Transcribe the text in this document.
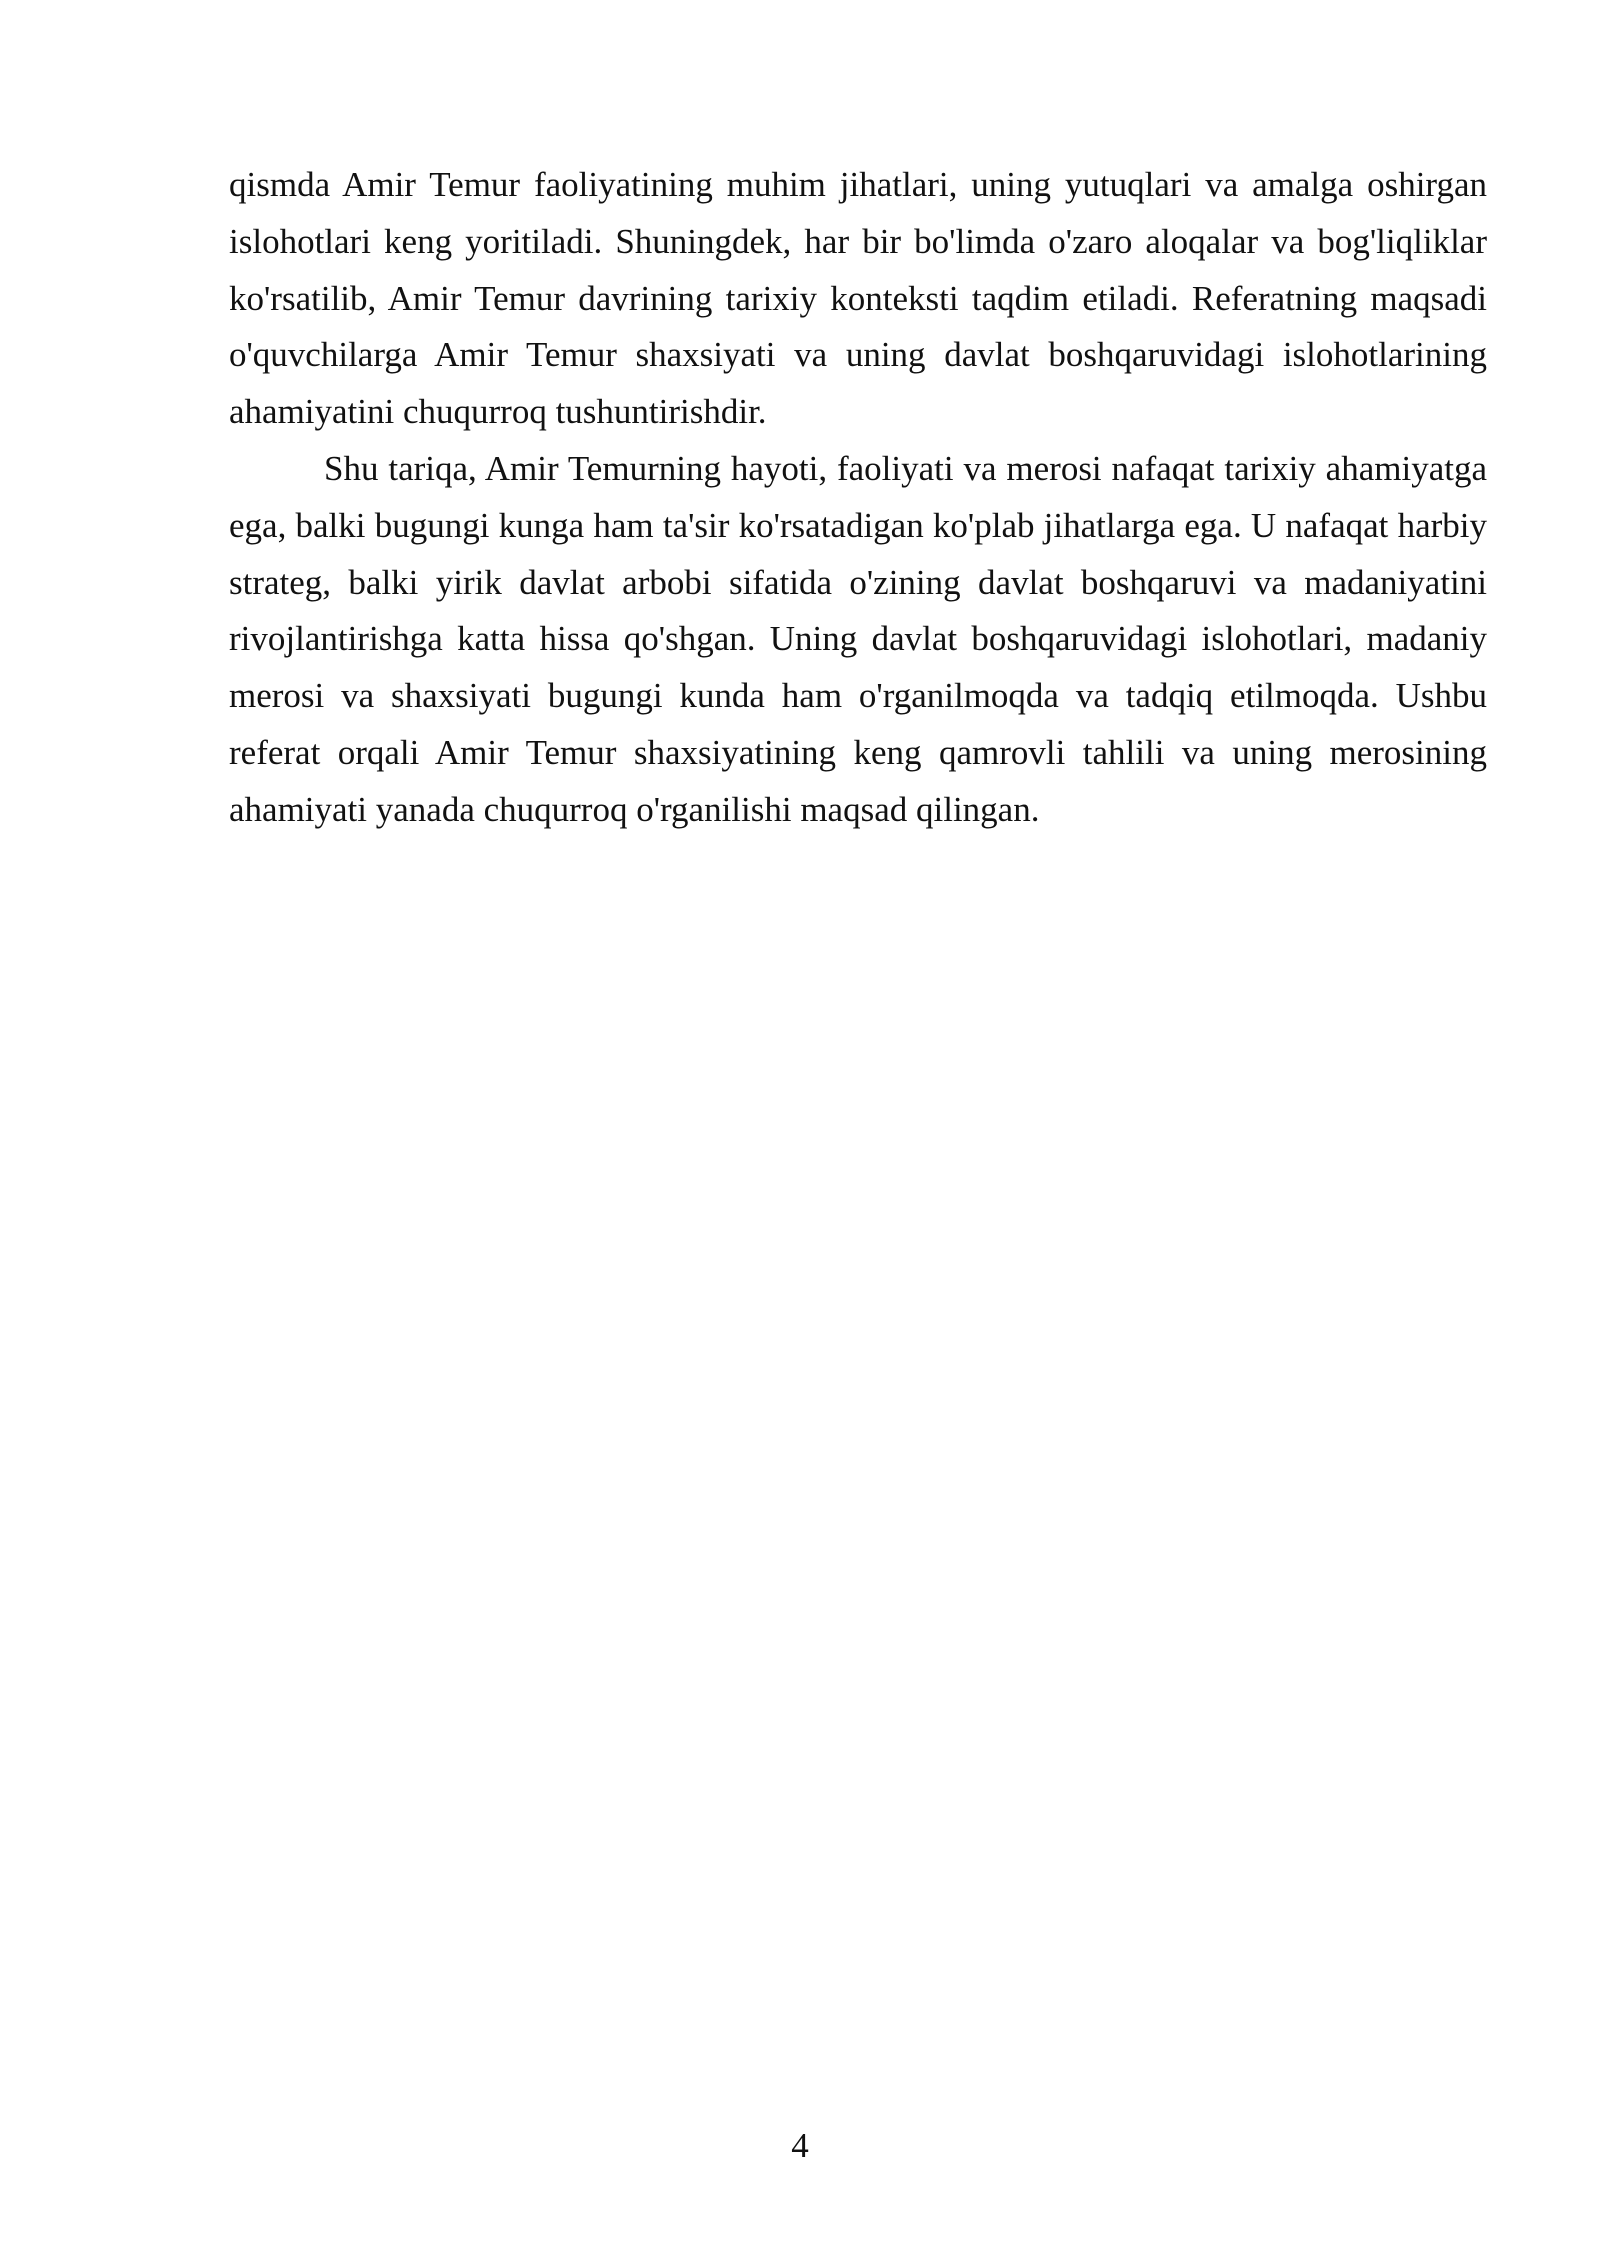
qismda Amir Temur faoliyatining muhim jihatlari, uning yutuqlari va amalga oshirgan islohotlari keng yoritiladi. Shuningdek, har bir bo'limda o'zaro aloqalar va bog'liqliklar ko'rsatilib, Amir Temur davrining tarixiy konteksti taqdim etiladi. Referatning maqsadi o'quvchilarga Amir Temur shaxsiyati va uning davlat boshqaruvidagi islohotlarining ahamiyatini chuqurroq tushuntirishdir.

Shu tariqa, Amir Temurning hayoti, faoliyati va merosi nafaqat tarixiy ahamiyatga ega, balki bugungi kunga ham ta'sir ko'rsatadigan ko'plab jihatlarga ega. U nafaqat harbiy strateg, balki yirik davlat arbobi sifatida o'zining davlat boshqaruvi va madaniyatini rivojlantirishga katta hissa qo'shgan. Uning davlat boshqaruvidagi islohotlari, madaniy merosi va shaxsiyati bugungi kunda ham o'rganilmoqda va tadqiq etilmoqda. Ushbu referat orqali Amir Temur shaxsiyatining keng qamrovli tahlili va uning merosining ahamiyati yanada chuqurroq o'rganilishi maqsad qilingan.

4
